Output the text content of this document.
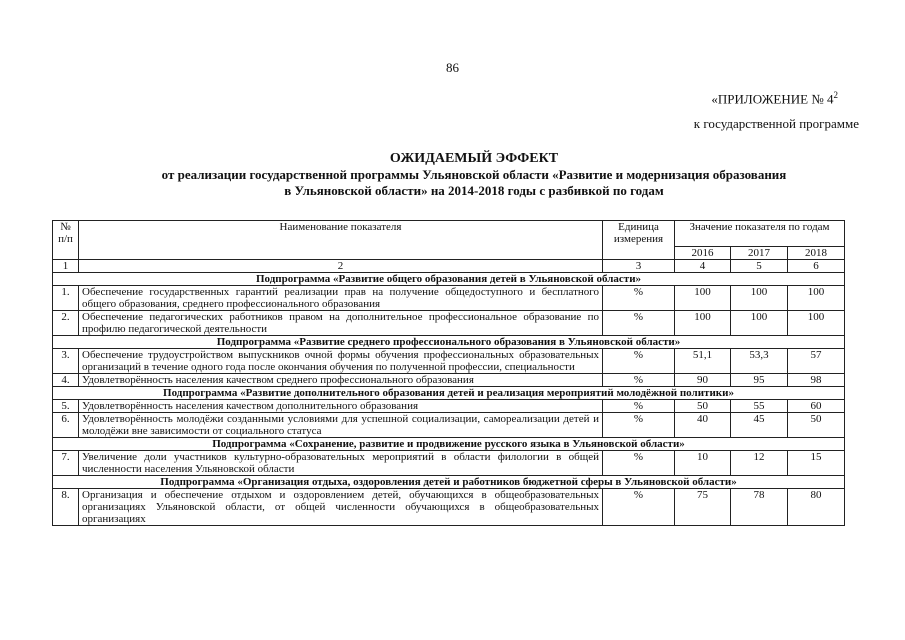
86
«ПРИЛОЖЕНИЕ № $4^2$
к государственной программе
ОЖИДАЕМЫЙ ЭФФЕКТ
от реализации государственной программы Ульяновской области «Развитие и модернизация образования
в Ульяновской области» на 2014-2018 годы с разбивкой по годам
№ п/п	Наименование показателя	Единица измерения	Значение показателя по годам		
			2016	2017	2018
1	2	3	4	5	6
Подпрограмма «Развитие общего образования детей в Ульяновской области»					
1.	Обеспечение государственных гарантий реализации прав на получение общедоступного и бесплатного общего образования, среднего профессионального образования	%	100	100	100
2.	Обеспечение педагогических работников правом на дополнительное профессиональное образование по профилю педагогической деятельности	%	100	100	100
Подпрограмма «Развитие среднего профессионального образования в Ульяновской области»					
3.	Обеспечение трудоустройством выпускников очной формы обучения профессиональных образовательных организаций в течение одного года после окончания обучения по полученной профессии, специальности	%	51,1	53,3	57
4.	Удовлетворённость населения качеством среднего профессионального образования	%	90	95	98
Подпрограмма «Развитие дополнительного образования детей и реализация мероприятий молодёжной политики»					
5.	Удовлетворённость населения качеством дополнительного образования	%	50	55	60
6.	Удовлетворённость молодёжи созданными условиями для успешной социализации, самореализации детей и молодёжи вне зависимости от социального статуса	%	40	45	50
Подпрограмма «Сохранение, развитие и продвижение русского языка в Ульяновской области»					
7.	Увеличение доли участников культурно-образовательных мероприятий в области филологии в общей численности населения Ульяновской области	%	10	12	15
Подпрограмма «Организация отдыха, оздоровления детей и работников бюджетной сферы в Ульяновской области»					
8.	Организация и обеспечение отдыхом и оздоровлением детей, обучающихся в общеобразовательных организациях Ульяновской области, от общей численности обучающихся в общеобразовательных организациях	%	75	78	80
